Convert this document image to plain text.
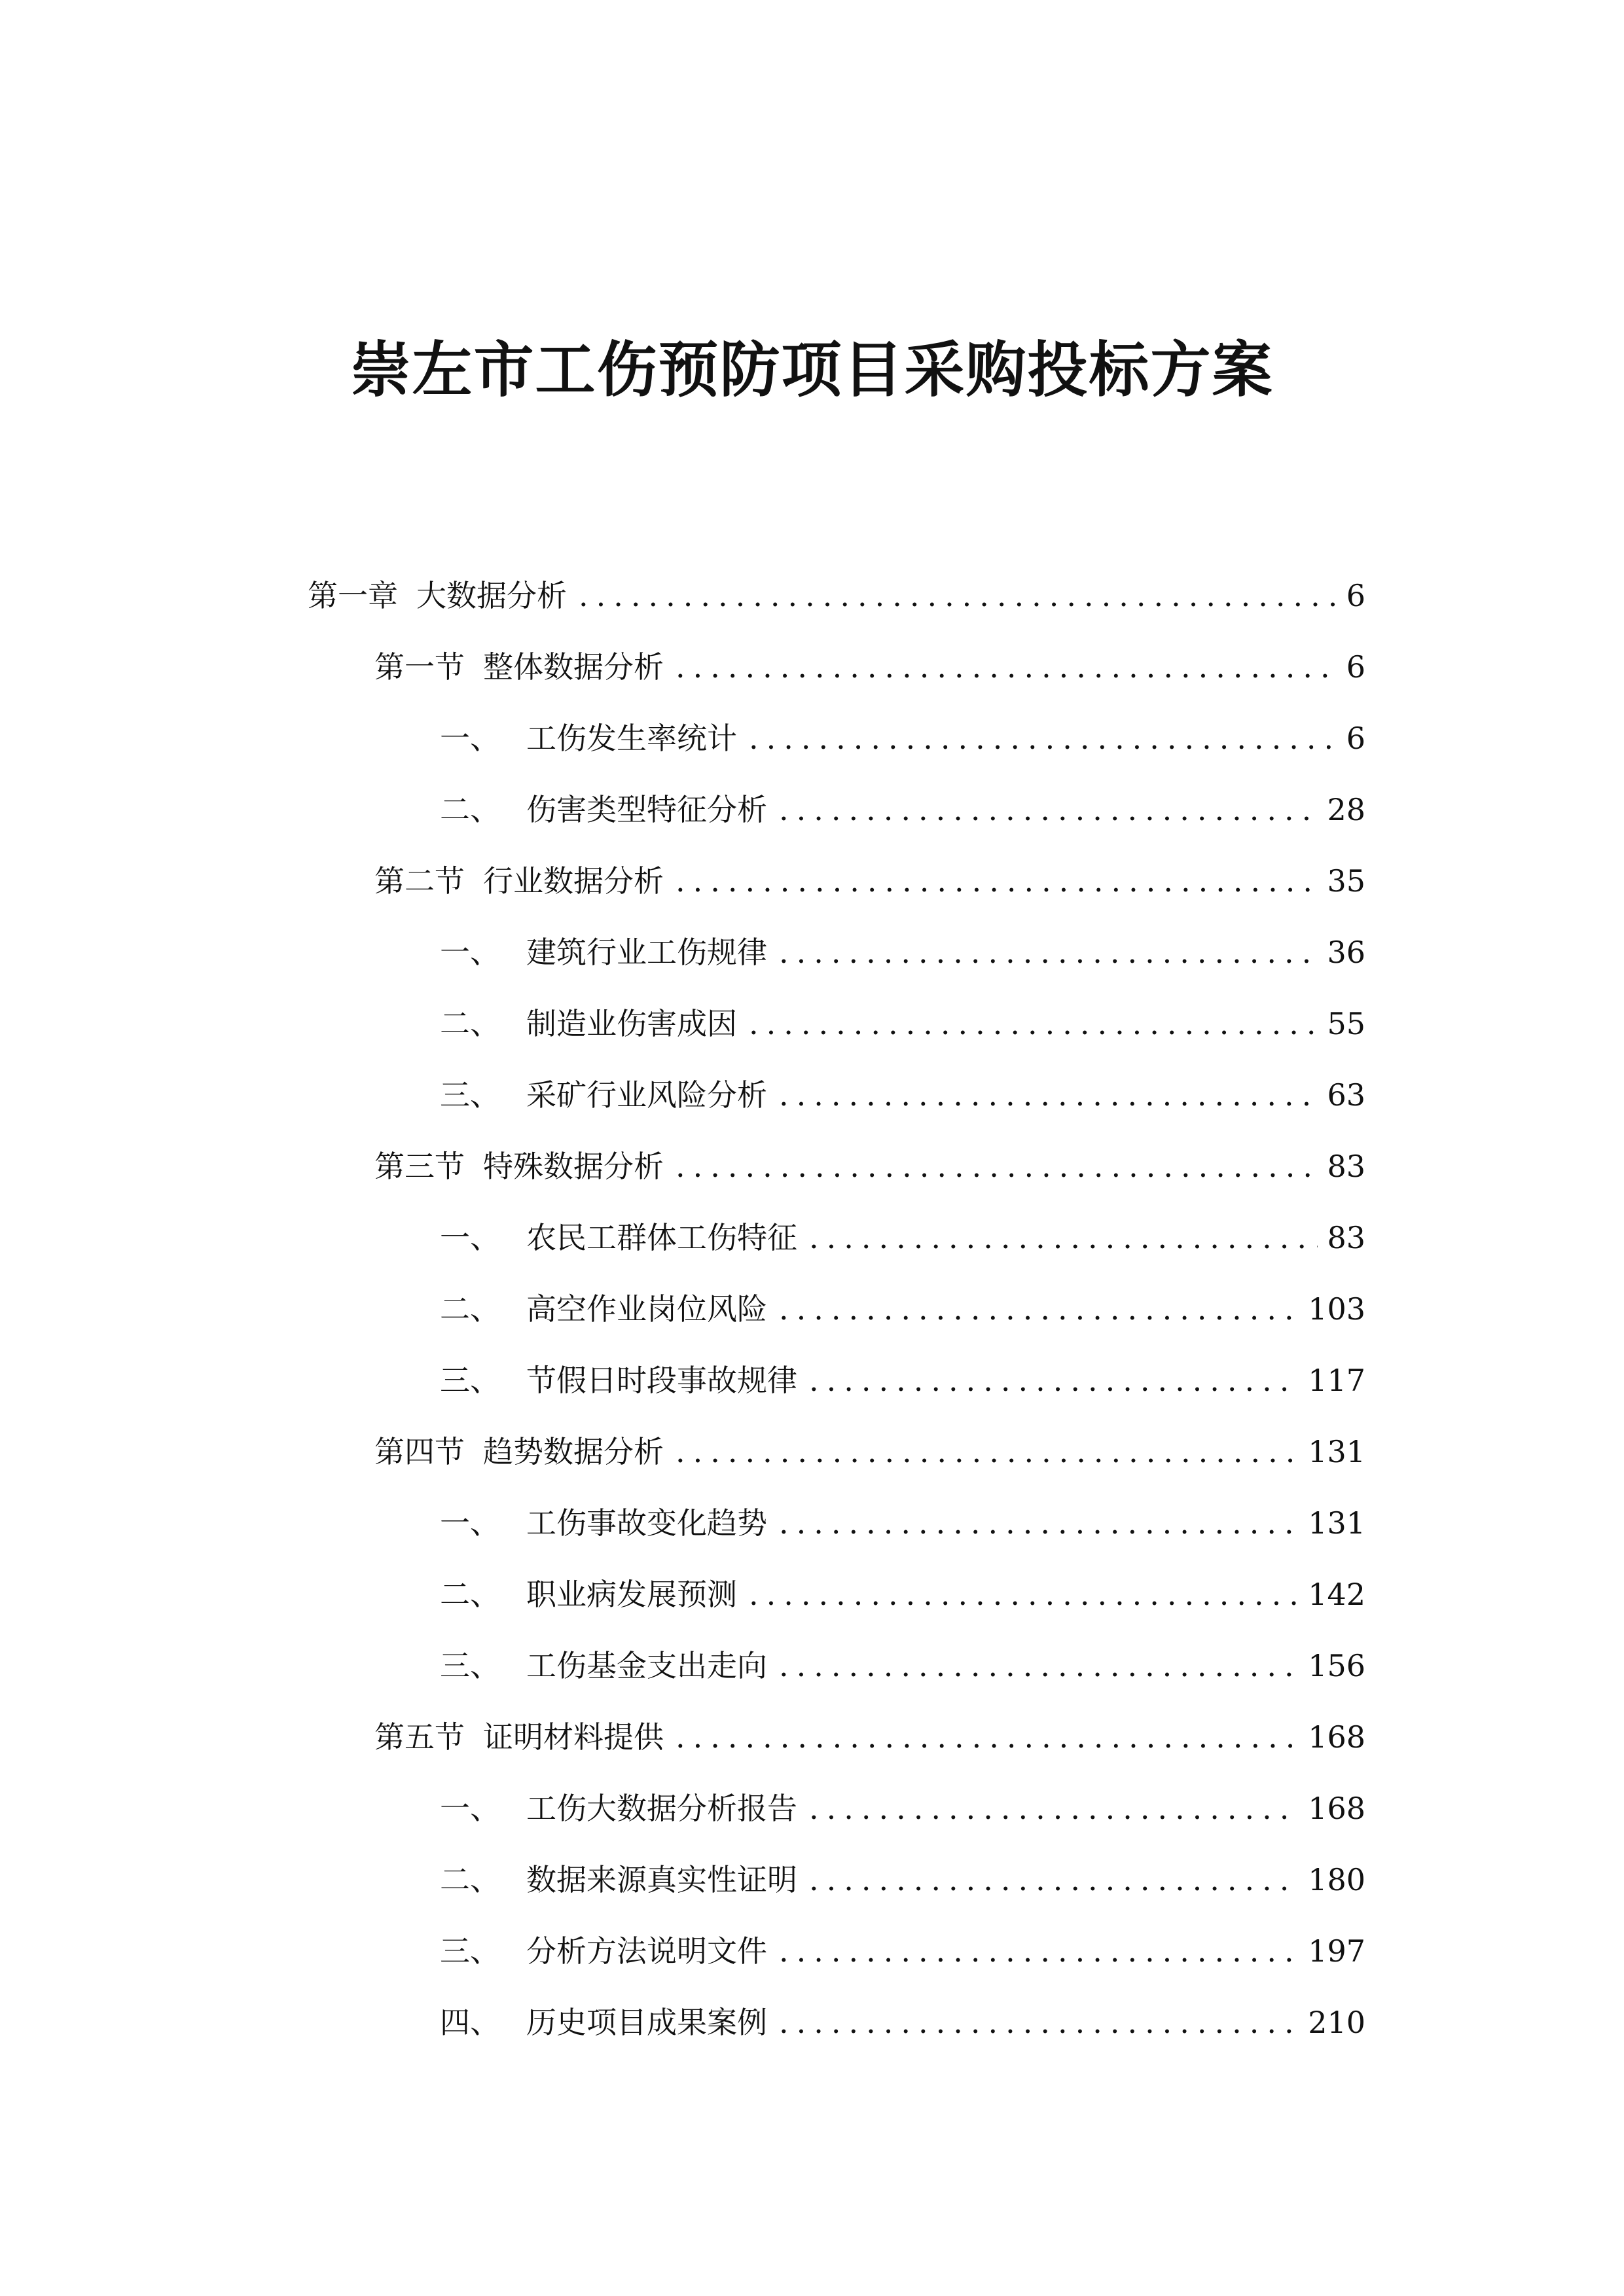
崇左市工伤预防项目采购投标方案
第一章 大数据分析 .....	6
第一节 整体数据分析 .....	6
一、 工伤发生率统计 .....	6
二、 伤害类型特征分析 .....	28
第二节 行业数据分析 .....	35
一、 建筑行业工伤规律 .....	36
二、 制造业伤害成因 .....	55
三、 采矿行业风险分析 .....	63
第三节 特殊数据分析 .....	83
一、 农民工群体工伤特征 .....	83
二、 高空作业岗位风险 .....	103
三、 节假日时段事故规律 .....	117
第四节 趋势数据分析 .....	131
一、 工伤事故变化趋势 .....	131
二、 职业病发展预测 .....	142
三、 工伤基金支出走向 .....	156
第五节 证明材料提供 .....	168
一、 工伤大数据分析报告 .....	168
二、 数据来源真实性证明 .....	180
三、 分析方法说明文件 .....	197
四、 历史项目成果案例 .....	210
